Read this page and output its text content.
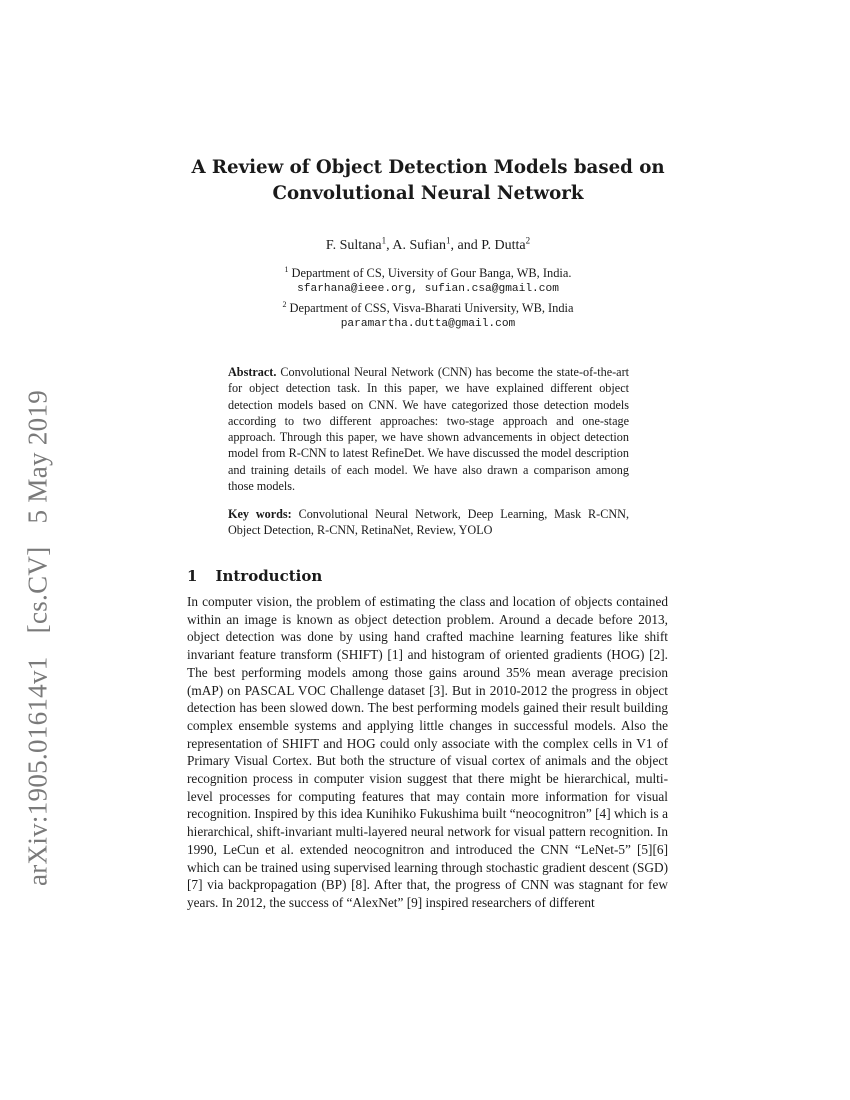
arXiv:1905.01614v1 [cs.CV] 5 May 2019
A Review of Object Detection Models based on
Convolutional Neural Network
F. Sultana$^1$, A. Sufian$^1$, and P. Dutta$^2$
$^1$ Department of CS, Uiversity of Gour Banga, WB, India.
sfarhana@ieee.org, sufian.csa@gmail.com
$^2$ Department of CSS, Visva-Bharati University, WB, India
paramartha.dutta@gmail.com
Abstract. Convolutional Neural Network (CNN) has become the state-of-the-art for object detection task. In this paper, we have explained different object detection models based on CNN. We have categorized those detection models according to two different approaches: two-stage approach and one-stage approach. Through this paper, we have shown advancements in object detection model from R-CNN to latest RefineDet. We have discussed the model description and training details of each model. We have also drawn a comparison among those models.
Key words: Convolutional Neural Network, Deep Learning, Mask R-CNN, Object Detection, R-CNN, RetinaNet, Review, YOLO
1 Introduction
In computer vision, the problem of estimating the class and location of objects contained within an image is known as object detection problem. Around a decade before 2013, object detection was done by using hand crafted machine learning features like shift invariant feature transform (SHIFT) [1] and histogram of oriented gradients (HOG) [2]. The best performing models among those gains around 35% mean average precision (mAP) on PASCAL VOC Challenge dataset [3]. But in 2010-2012 the progress in object detection has been slowed down. The best performing models gained their result building complex ensemble systems and applying little changes in successful models. Also the representation of SHIFT and HOG could only associate with the complex cells in V1 of Primary Visual Cortex. But both the structure of visual cortex of animals and the object recognition process in computer vision suggest that there might be hierarchical, multi-level processes for computing features that may contain more information for visual recognition. Inspired by this idea Kunihiko Fukushima built “neocognitron” [4] which is a hierarchical, shift-invariant multi-layered neural network for visual pattern recognition. In 1990, LeCun et al. extended neocognitron and introduced the CNN “LeNet-5” [5][6] which can be trained using supervised learning through stochastic gradient descent (SGD) [7] via backpropagation (BP) [8]. After that, the progress of CNN was stagnant for few years. In 2012, the success of “AlexNet” [9] inspired researchers of different
